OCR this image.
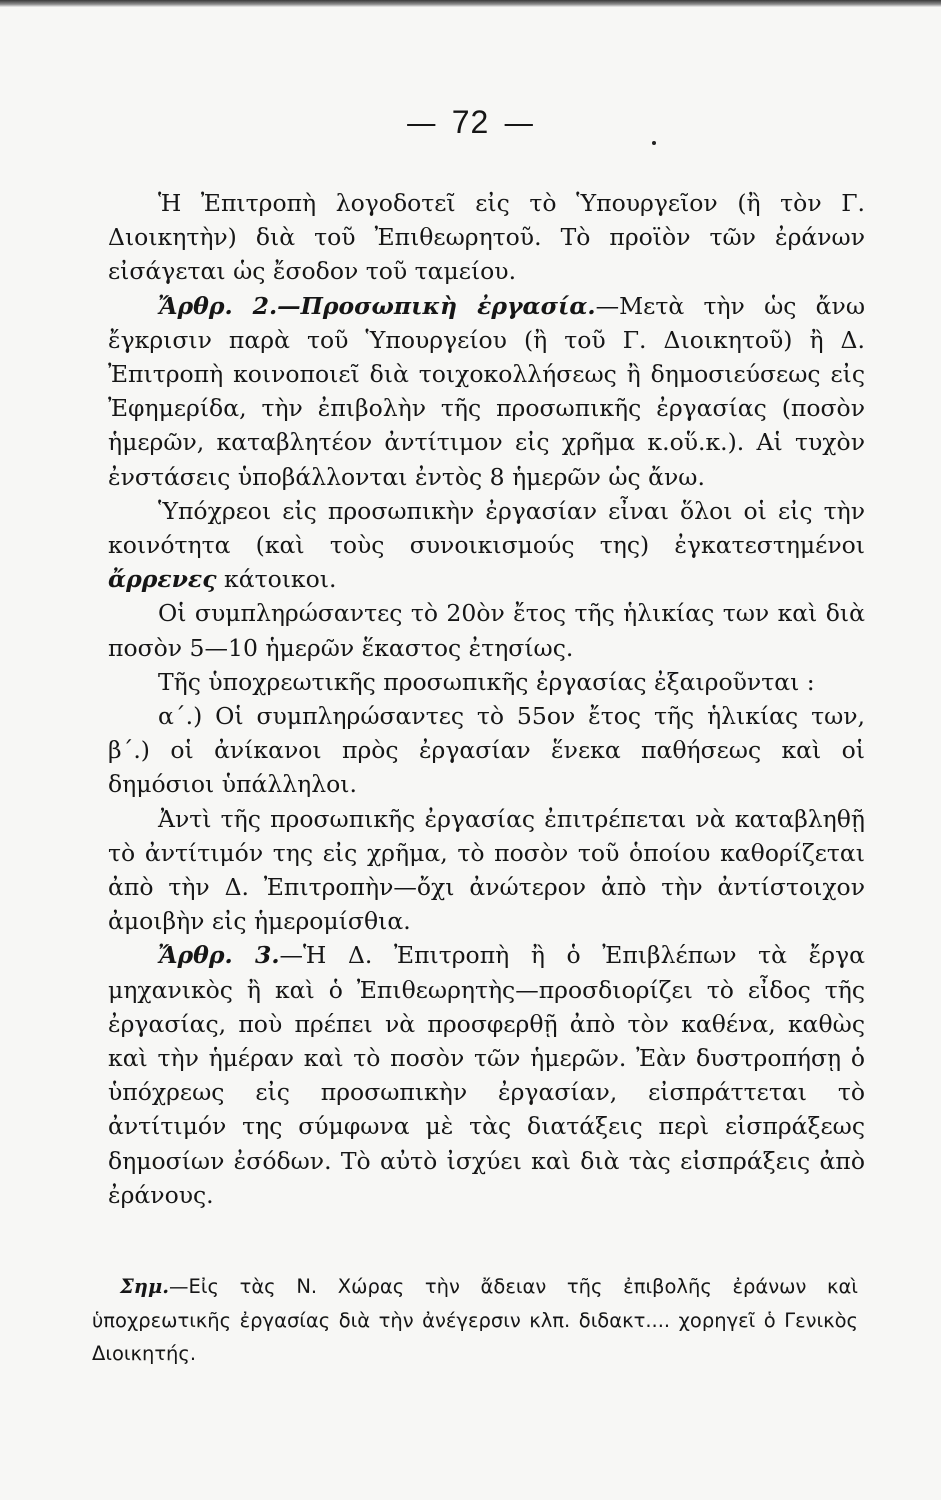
— 72 —

Ἡ Ἐπιτροπὴ λογοδοτεῖ εἰς τὸ Ὑπουργεῖον (ἢ τὸν Γ. Διοικητὴν) διὰ τοῦ Ἐπιθεωρητοῦ. Τὸ προϊὸν τῶν ἐράνων εἰσάγεται ὡς ἔσοδον τοῦ ταμείου.

Ἄρθρ. 2.—Προσωπικὴ ἐργασία.—Μετὰ τὴν ὡς ἄνω ἔγκρισιν παρὰ τοῦ Ὑπουργείου (ἢ τοῦ Γ. Διοικητοῦ) ἢ Δ. Ἐπιτροπὴ κοινοποιεῖ διὰ τοιχοκολλήσεως ἢ δημοσιεύσεως εἰς Ἐφημερίδα, τὴν ἐπιβολὴν τῆς προσωπικῆς ἐργασίας (ποσὸν ἡμερῶν, καταβλητέον ἀντίτιμον εἰς χρῆμα κ.οὕ.κ.). Αἱ τυχὸν ἐνστάσεις ὑποβάλλονται ἐντὸς 8 ἡμερῶν ὡς ἄνω.

Ὑπόχρεοι εἰς προσωπικὴν ἐργασίαν εἶναι ὅλοι οἱ εἰς τὴν κοινότητα (καὶ τοὺς συνοικισμούς της) ἐγκατεστημένοι ἄρρενες κάτοικοι.

Οἱ συμπληρώσαντες τὸ 20ὸν ἔτος τῆς ἡλικίας των καὶ διὰ ποσὸν 5—10 ἡμερῶν ἕκαστος ἐτησίως.

Τῆς ὑποχρεωτικῆς προσωπικῆς ἐργασίας ἐξαιροῦνται :

α΄.) Οἱ συμπληρώσαντες τὸ 55ον ἔτος τῆς ἡλικίας των, β΄.) οἱ ἀνίκανοι πρὸς ἐργασίαν ἕνεκα παθήσεως καὶ οἱ δημόσιοι ὑπάλληλοι.

Ἀντὶ τῆς προσωπικῆς ἐργασίας ἐπιτρέπεται νὰ καταβληθῇ τὸ ἀντίτιμόν της εἰς χρῆμα, τὸ ποσὸν τοῦ ὁποίου καθορίζεται ἀπὸ τὴν Δ. Ἐπιτροπὴν—ὄχι ἀνώτερον ἀπὸ τὴν ἀντίστοιχον ἀμοιβὴν εἰς ἡμερομίσθια.

Ἄρθρ. 3.—Ἡ Δ. Ἐπιτροπὴ ἢ ὁ Ἐπιβλέπων τὰ ἔργα μηχανικὸς ἢ καὶ ὁ Ἐπιθεωρητὴς—προσδιορίζει τὸ εἶδος τῆς ἐργασίας, ποὺ πρέπει νὰ προσφερθῇ ἀπὸ τὸν καθένα, καθὼς καὶ τὴν ἡμέραν καὶ τὸ ποσὸν τῶν ἡμερῶν. Ἐὰν δυστροπήσῃ ὁ ὑπόχρεως εἰς προσωπικὴν ἐργασίαν, εἰσπράττεται τὸ ἀντίτιμόν της σύμφωνα μὲ τὰς διατάξεις περὶ εἰσπράξεως δημοσίων ἐσόδων. Τὸ αὐτὸ ἰσχύει καὶ διὰ τὰς εἰσπράξεις ἀπὸ ἐράνους.

Σημ.—Εἰς τὰς Ν. Χώρας τὴν ἄδειαν τῆς ἐπιβολῆς ἐράνων καὶ ὑποχρεωτικῆς ἐργασίας διὰ τὴν ἀνέγερσιν κλπ. διδακτ.... χορηγεῖ ὁ Γενικὸς Διοικητής.
